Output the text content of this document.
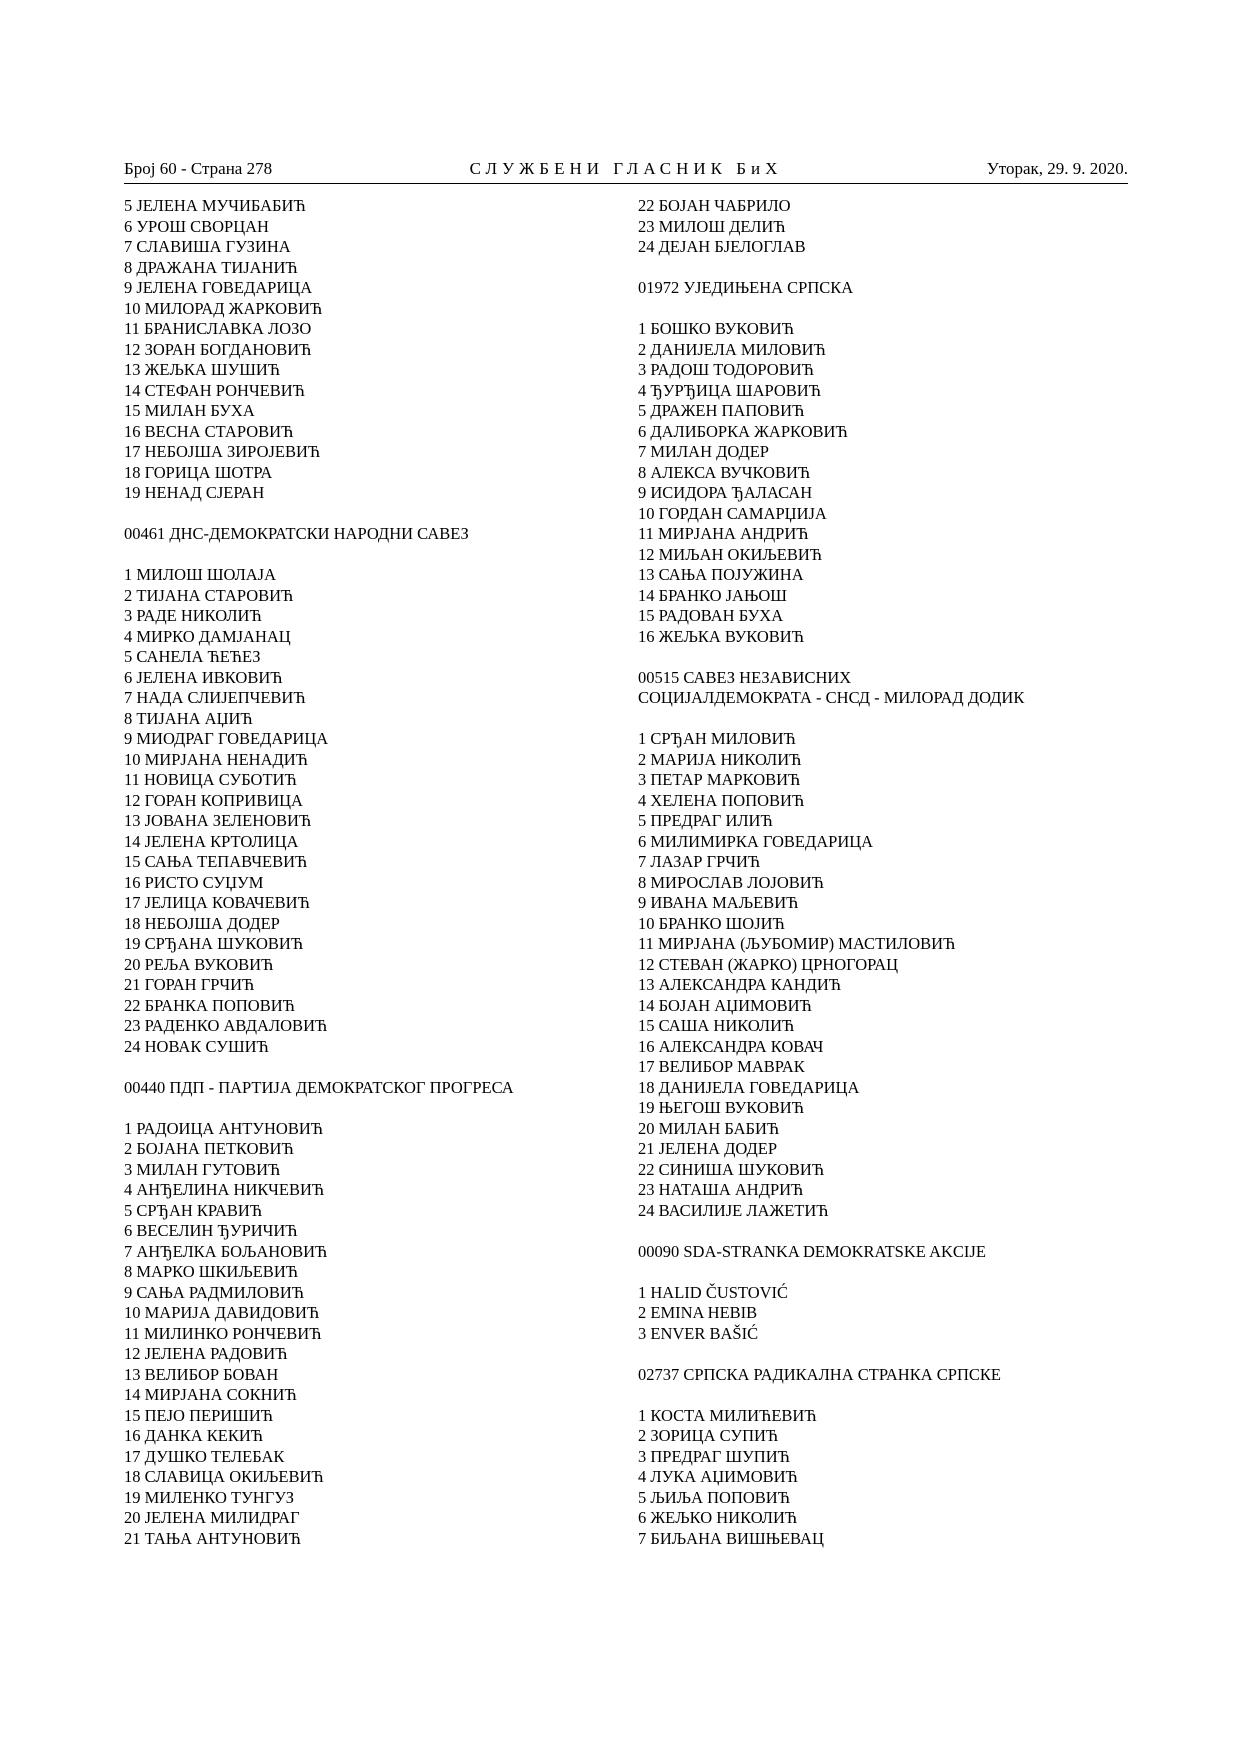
Број 60 - Страна 278	СЛУЖБЕНИ ГЛАСНИК БиХ	Уторак, 29. 9. 2020.
5 ЈЕЛЕНА МУЧИБАБИЋ
6 УРОШ СВОРЦАН
7 СЛАВИША ГУЗИНА
8 ДРАЖАНА ТИЈАНИЋ
9 ЈЕЛЕНА ГОВЕДАРИЦА
10 МИЛОРАД ЖАРКОВИЋ
11 БРАНИСЛАВКА ЛОЗО
12 ЗОРАН БОГДАНОВИЋ
13 ЖЕЉКА ШУШИЋ
14 СТЕФАН РОНЧЕВИЋ
15 МИЛАН БУХА
16 ВЕСНА СТАРОВИЋ
17 НЕБОЈША ЗИРОЈЕВИЋ
18 ГОРИЦА ШОТРА
19 НЕНАД СЈЕРАН
00461 ДНС-ДЕМОКРАТСКИ НАРОДНИ САВЕЗ
1 МИЛОШ ШОЛАЈА
2 ТИЈАНА СТАРОВИЋ
3 РАДЕ НИКОЛИЋ
4 МИРКО ДАМЈАНАЦ
5 САНЕЛА ЋЕЋЕЗ
6 ЈЕЛЕНА ИВКОВИЋ
7 НАДА СЛИЈЕПЧЕВИЋ
8 ТИЈАНА АЏИЋ
9 МИОДРАГ ГОВЕДАРИЦА
10 МИРЈАНА НЕНАДИЋ
11 НОВИЦА СУБОТИЋ
12 ГОРАН КОПРИВИЦА
13 ЈОВАНА ЗЕЛЕНОВИЋ
14 ЈЕЛЕНА КРТОЛИЦА
15 САЊА ТЕПАВЧЕВИЋ
16 РИСТО СУЏУМ
17 ЈЕЛИЦА КОВАЧЕВИЋ
18 НЕБОЈША ДОДЕР
19 СРЂАНА ШУКОВИЋ
20 РЕЉА ВУКОВИЋ
21 ГОРАН ГРЧИЋ
22 БРАНКА ПОПОВИЋ
23 РАДЕНКО АВДАЛОВИЋ
24 НОВАК СУШИЋ
00440 ПДП - ПАРТИЈА ДЕМОКРАТСКОГ ПРОГРЕСА
1 РАДОИЦА АНТУНОВИЋ
2 БОЈАНА ПЕТКОВИЋ
3 МИЛАН ГУТОВИЋ
4 АНЂЕЛИНА НИКЧЕВИЋ
5 СРЂАН КРАВИЋ
6 ВЕСЕЛИН ЂУРИЧИЋ
7 АНЂЕЛКА БОЉАНОВИЋ
8 МАРКО ШКИЉЕВИЋ
9 САЊА РАДМИЛОВИЋ
10 МАРИЈА ДАВИДОВИЋ
11 МИЛИНКО РОНЧЕВИЋ
12 ЈЕЛЕНА РАДОВИЋ
13 ВЕЛИБОР БОВАН
14 МИРЈАНА СОКНИЋ
15 ПЕЈО ПЕРИШИЋ
16 ДАНКА КЕКИЋ
17 ДУШКО ТЕЛЕБАК
18 СЛАВИЦА ОКИЉЕВИЋ
19 МИЛЕНКО ТУНГУЗ
20 ЈЕЛЕНА МИЛИДРАГ
21 ТАЊА АНТУНОВИЋ
22 БОЈАН ЧАБРИЛО
23 МИЛОШ ДЕЛИЋ
24 ДЕЈАН БЈЕЛОГЛАВ
01972 УЈЕДИЊЕНА СРПСКА
1 БОШКО ВУКОВИЋ
2 ДАНИЈЕЛА МИЛОВИЋ
3 РАДОШ ТОДОРОВИЋ
4 ЂУРЂИЦА ШАРОВИЋ
5 ДРАЖЕН ПАПОВИЋ
6 ДАЛИБОРКА ЖАРКОВИЋ
7 МИЛАН ДОДЕР
8 АЛЕКСА ВУЧКОВИЋ
9 ИСИДОРА ЂАЛАСАН
10 ГОРДАН САМАРЏИЈА
11 МИРЈАНА АНДРИЋ
12 МИЉАН ОКИЉЕВИЋ
13 САЊА ПОЈУЖИНА
14 БРАНКО ЈАЊОШ
15 РАДОВАН БУХА
16 ЖЕЉКА ВУКОВИЋ
00515 САВЕЗ НЕЗАВИСНИХ
СОЦИЈАЛДЕМОКРАТА - СНСД - МИЛОРАД ДОДИК
1 СРЂАН МИЛОВИЋ
2 МАРИЈА НИКОЛИЋ
3 ПЕТАР МАРКОВИЋ
4 ХЕЛЕНА ПОПОВИЋ
5 ПРЕДРАГ ИЛИЋ
6 МИЛИМИРКА ГОВЕДАРИЦА
7 ЛАЗАР ГРЧИЋ
8 МИРОСЛАВ ЛОЈОВИЋ
9 ИВАНА МАЉЕВИЋ
10 БРАНКО ШОЈИЋ
11 МИРЈАНА (ЉУБОМИР) МАСТИЛОВИЋ
12 СТЕВАН (ЖАРКО) ЦРНОГОРАЦ
13 АЛЕКСАНДРА КАНДИЋ
14 БОЈАН АЏИМОВИЋ
15 САША НИКОЛИЋ
16 АЛЕКСАНДРА КОВАЧ
17 ВЕЛИБОР МАВРАК
18 ДАНИЈЕЛА ГОВЕДАРИЦА
19 ЊЕГОШ ВУКОВИЋ
20 МИЛАН БАБИЋ
21 ЈЕЛЕНА ДОДЕР
22 СИНИША ШУКОВИЋ
23 НАТАША АНДРИЋ
24 ВАСИЛИЈЕ ЛАЖЕТИЋ
00090 SDA-STRANKA DEMOKRATSKE AKCIJE
1 HALID ČUSTOVIĆ
2 EMINA HEBIB
3 ENVER BAŠIĆ
02737 СРПСКА РАДИКАЛНА СТРАНКА СРПСКЕ
1 КОСТА МИЛИЋЕВИЋ
2 ЗОРИЦА СУПИЋ
3 ПРЕДРАГ ШУПИЋ
4 ЛУКА АЏИМОВИЋ
5 ЉИЉА ПОПОВИЋ
6 ЖЕЉКО НИКОЛИЋ
7 БИЉАНА ВИШЊЕВАЦ
